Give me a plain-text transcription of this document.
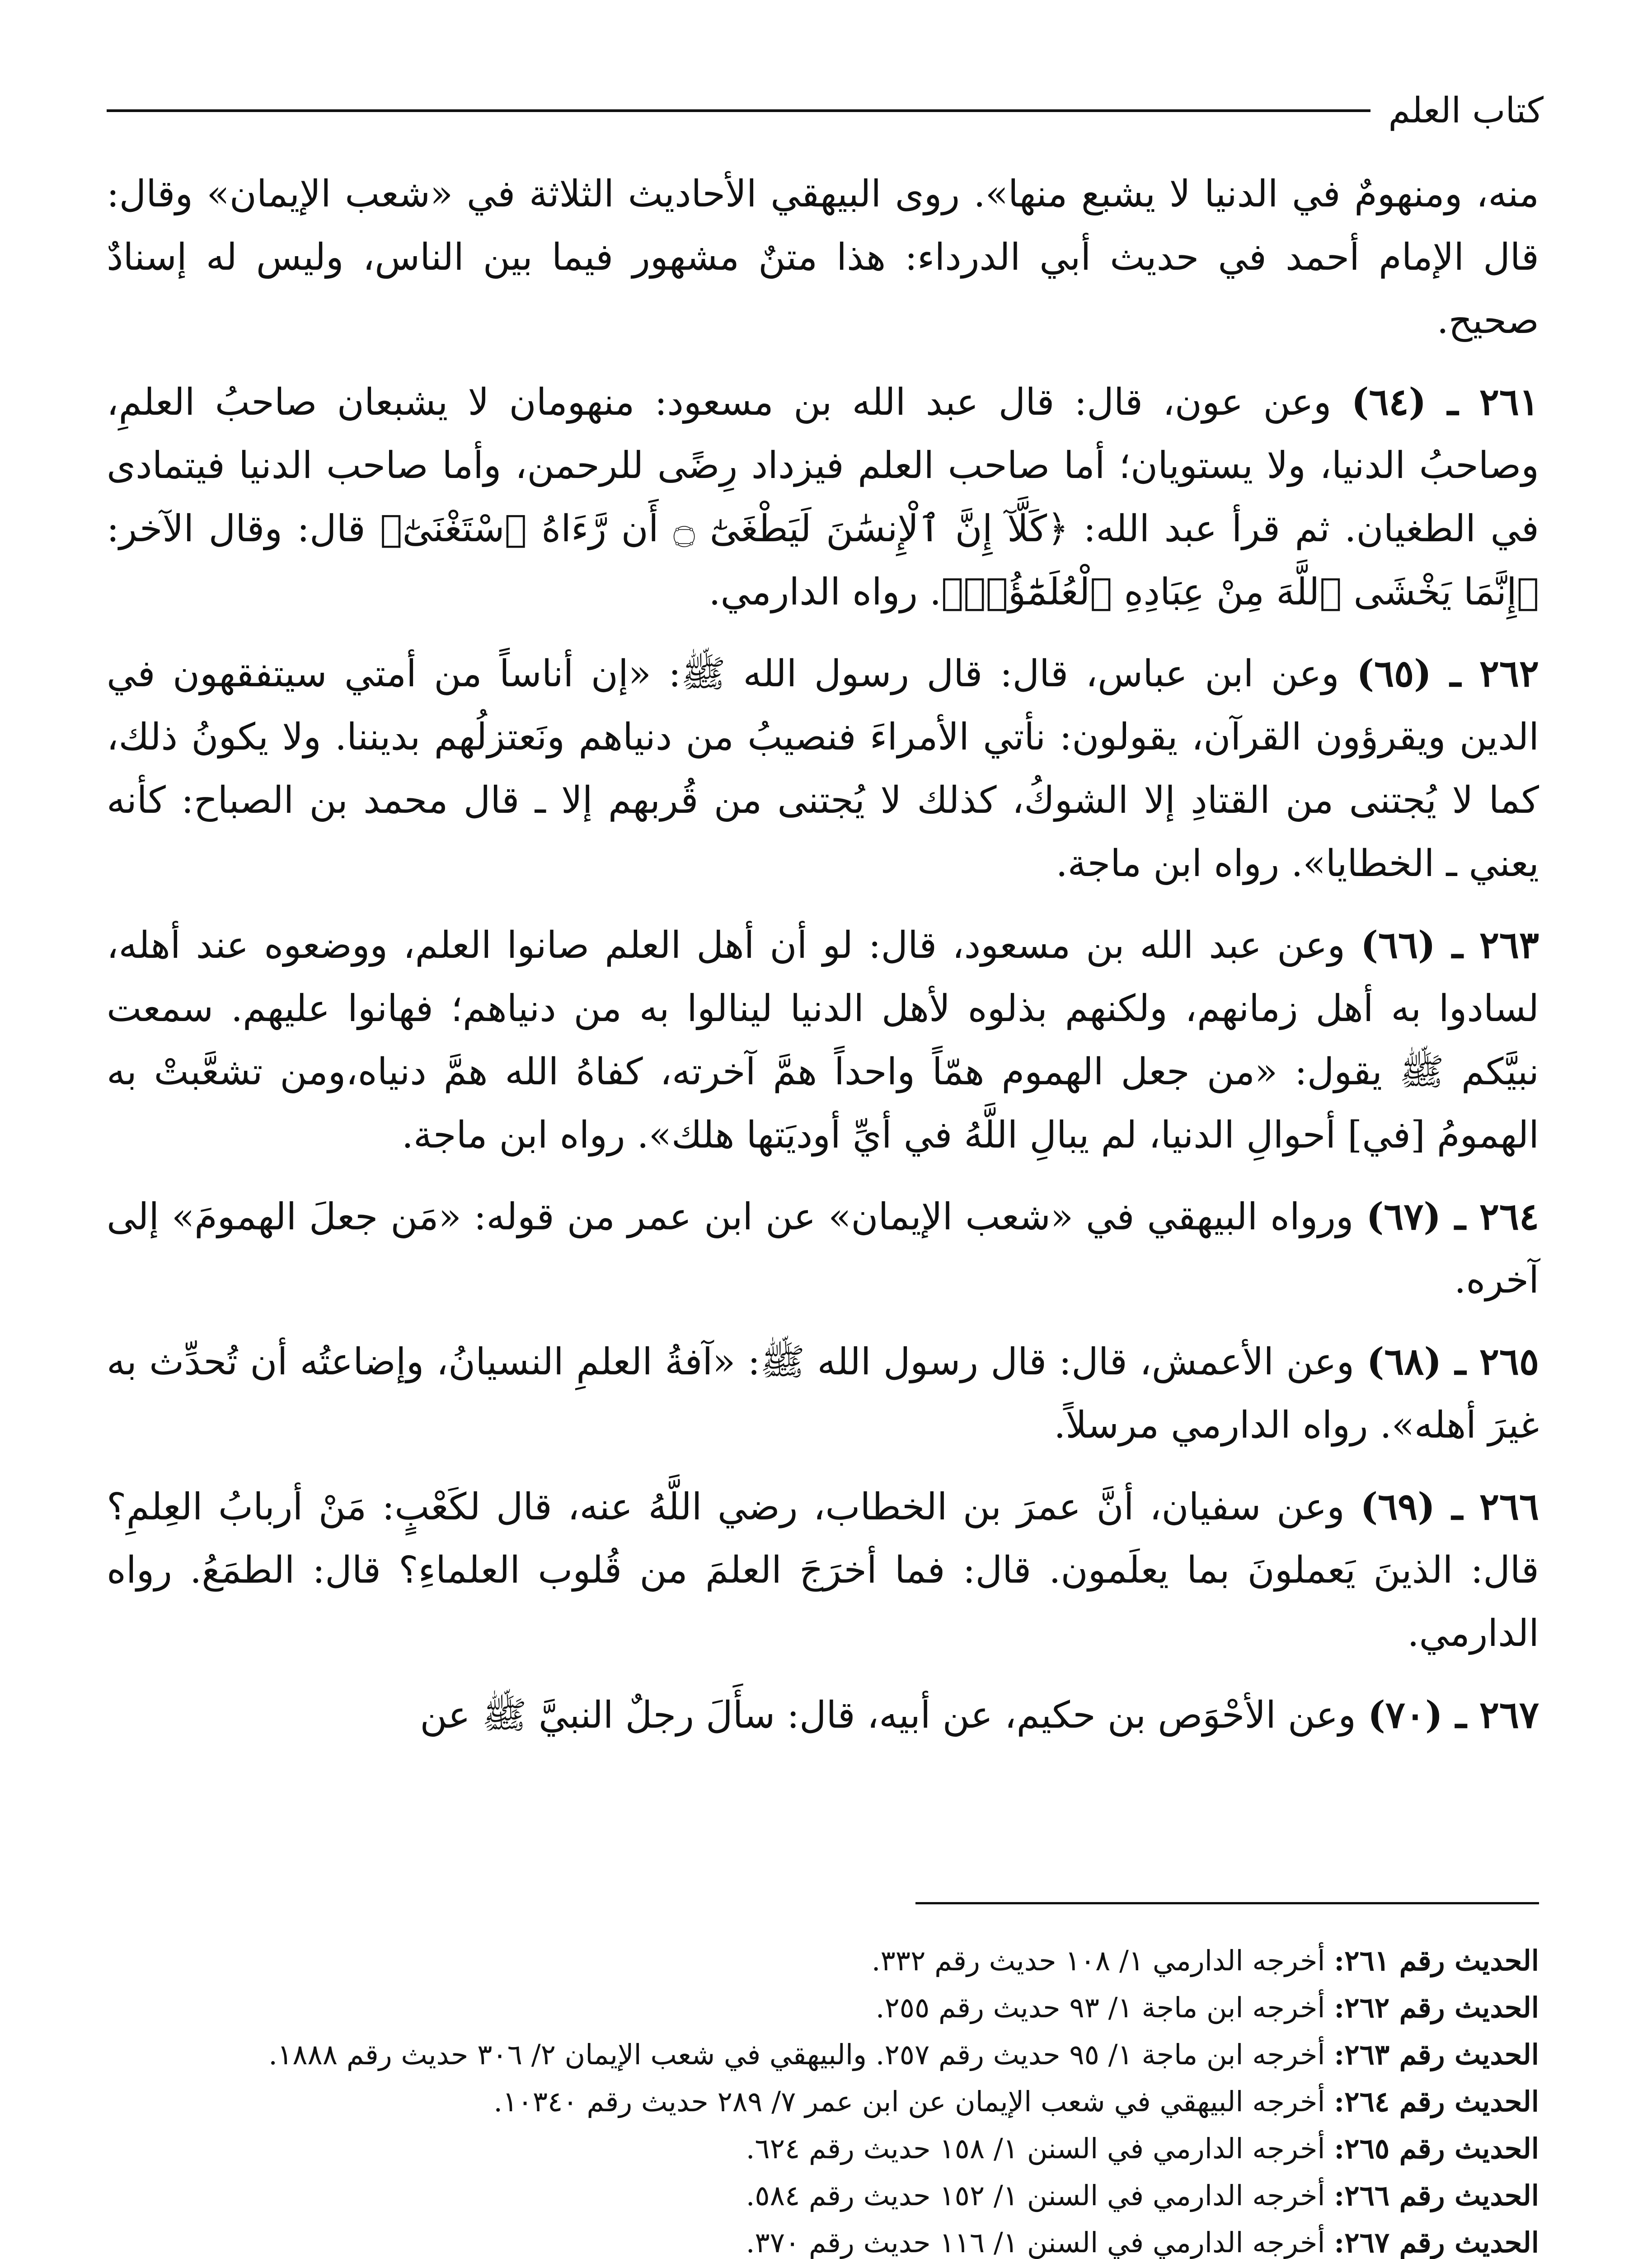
كتاب العلم

منه، ومنهومٌ في الدنيا لا يشبع منها». روى البيهقي الأحاديث الثلاثة في «شعب الإيمان» وقال: قال الإمام أحمد في حديث أبي الدرداء: هذا متنٌ مشهور فيما بين الناس، وليس له إسنادٌ صحيح.

٢٦١ ـ (٦٤) وعن عون، قال: قال عبد الله بن مسعود: منهومان لا يشبعان صاحبُ العلمِ، وصاحبُ الدنيا، ولا يستويان؛ أما صاحب العلم فيزداد رِضًى للرحمن، وأما صاحب الدنيا فيتمادى في الطغيان. ثم قرأ عبد الله: ﴿كَلَّآ إِنَّ ٱلْإِنسَٰنَ لَيَطْغَىٰٓ ۝ أَن رَّءَاهُ ٱسْتَغْنَىٰٓ﴾ قال: وقال الآخر: ﴿إِنَّمَا يَخْشَى ٱللَّهَ مِنْ عِبَادِهِ ٱلْعُلَمَٰٓؤُا۟﴾. رواه الدارمي.

٢٦٢ ـ (٦٥) وعن ابن عباس، قال: قال رسول الله ﷺ: «إن أناساً من أمتي سيتفقهون في الدين ويقرؤون القرآن، يقولون: نأتي الأمراءَ فنصيبُ من دنياهم ونَعتزلُهم بديننا. ولا يكونُ ذلك، كما لا يُجتنى من القتادِ إلا الشوكُ، كذلك لا يُجتنى من قُربهم إلا ـ قال محمد بن الصباح: كأنه يعني ـ الخطايا». رواه ابن ماجة.

٢٦٣ ـ (٦٦) وعن عبد الله بن مسعود، قال: لو أن أهل العلم صانوا العلم، ووضعوه عند أهله، لسادوا به أهل زمانهم، ولكنهم بذلوه لأهل الدنيا لينالوا به من دنياهم؛ فهانوا عليهم. سمعت نبيَّكم ﷺ يقول: «من جعل الهموم همّاً واحداً همَّ آخرته، كفاهُ الله همَّ دنياه،ومن تشعَّبتْ به الهمومُ [في] أحوالِ الدنيا، لم يبالِ اللَّهُ في أيِّ أوديَتها هلك». رواه ابن ماجة.

٢٦٤ ـ (٦٧) ورواه البيهقي في «شعب الإيمان» عن ابن عمر من قوله: «مَن جعلَ الهمومَ» إلى آخره.

٢٦٥ ـ (٦٨) وعن الأعمش، قال: قال رسول الله ﷺ: «آفةُ العلمِ النسيانُ، وإضاعتُه أن تُحدِّث به غيرَ أهله». رواه الدارمي مرسلاً.

٢٦٦ ـ (٦٩) وعن سفيان، أنَّ عمرَ بن الخطاب، رضي اللَّهُ عنه، قال لكَعْبٍ: مَنْ أربابُ العِلمِ؟ قال: الذينَ يَعملونَ بما يعلَمون. قال: فما أخرَجَ العلمَ من قُلوب العلماءِ؟ قال: الطمَعُ. رواه الدارمي.

٢٦٧ ـ (٧٠) وعن الأحْوَص بن حكيم، عن أبيه، قال: سأَلَ رجلٌ النبيَّ ﷺ عن

الحديث رقم ٢٦١: أخرجه الدارمي ١/ ١٠٨ حديث رقم ٣٣٢.

الحديث رقم ٢٦٢: أخرجه ابن ماجة ١/ ٩٣ حديث رقم ٢٥٥.

الحديث رقم ٢٦٣: أخرجه ابن ماجة ١/ ٩٥ حديث رقم ٢٥٧. والبيهقي في شعب الإيمان ٢/ ٣٠٦ حديث رقم ١٨٨٨.

الحديث رقم ٢٦٤: أخرجه البيهقي في شعب الإيمان عن ابن عمر ٧/ ٢٨٩ حديث رقم ١٠٣٤٠.

الحديث رقم ٢٦٥: أخرجه الدارمي في السنن ١/ ١٥٨ حديث رقم ٦٢٤.

الحديث رقم ٢٦٦: أخرجه الدارمي في السنن ١/ ١٥٢ حديث رقم ٥٨٤.

الحديث رقم ٢٦٧: أخرجه الدارمي في السنن ١/ ١١٦ حديث رقم ٣٧٠.
